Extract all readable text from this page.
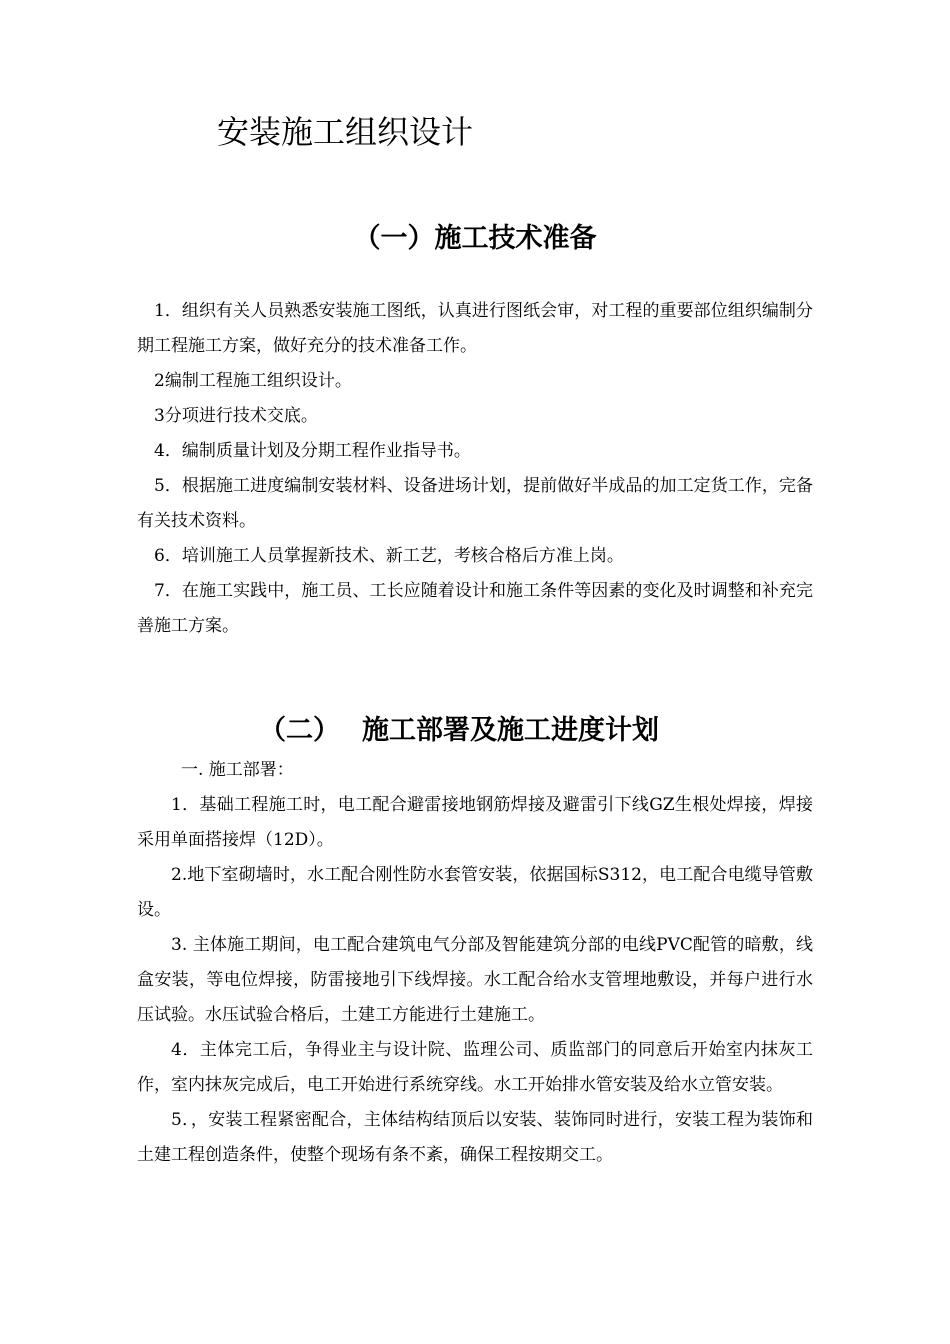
安装施工组织设计
（一）施工技术准备

1．组织有关人员熟悉安装施工图纸，认真进行图纸会审，对工程的重要部位组织编制分期工程施工方案，做好充分的技术准备工作。

2编制工程施工组织设计。

3分项进行技术交底。

4．编制质量计划及分期工程作业指导书。

5．根据施工进度编制安装材料、设备进场计划，提前做好半成品的加工定货工作，完备有关技术资料。

6．培训施工人员掌握新技术、新工艺，考核合格后方准上岗。

7．在施工实践中，施工员、工长应随着设计和施工条件等因素的变化及时调整和补充完善施工方案。

（二） 施工部署及施工进度计划

一. 施工部署：

1．基础工程施工时，电工配合避雷接地钢筋焊接及避雷引下线GZ生根处焊接，焊接采用单面搭接焊（12D）。

2.地下室砌墙时，水工配合刚性防水套管安装，依据国标S312，电工配合电缆导管敷设。

3. 主体施工期间，电工配合建筑电气分部及智能建筑分部的电线PVC配管的暗敷，线盒安装，等电位焊接，防雷接地引下线焊接。水工配合给水支管埋地敷设，并每户进行水压试验。水压试验合格后，土建工方能进行土建施工。

4．主体完工后，争得业主与设计院、监理公司、质监部门的同意后开始室内抹灰工作，室内抹灰完成后，电工开始进行系统穿线。水工开始排水管安装及给水立管安装。

5．，安装工程紧密配合，主体结构结顶后以安装、装饰同时进行，安装工程为装饰和土建工程创造条件，使整个现场有条不紊，确保工程按期交工。
